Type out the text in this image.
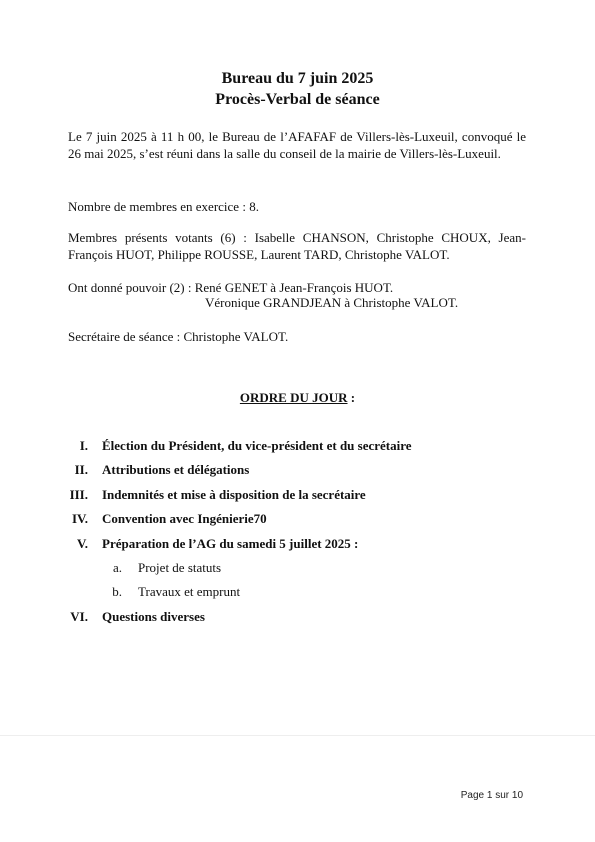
Bureau du 7 juin 2025
Procès-Verbal de séance

Le 7 juin 2025 à 11 h 00, le Bureau de l’AFAFAF de Villers-lès-Luxeuil, convoqué le 26 mai 2025, s’est réuni dans la salle du conseil de la mairie de Villers-lès-Luxeuil.

Nombre de membres en exercice : 8.

Membres présents votants (6) : Isabelle CHANSON, Christophe CHOUX, Jean-François HUOT, Philippe ROUSSE, Laurent TARD, Christophe VALOT.

Ont donné pouvoir (2) : René GENET à Jean-François HUOT.
Véronique GRANDJEAN à Christophe VALOT.

Secrétaire de séance : Christophe VALOT.

ORDRE DU JOUR :

I. Élection du Président, du vice-président et du secrétaire
II. Attributions et délégations
III. Indemnités et mise à disposition de la secrétaire
IV. Convention avec Ingénierie70
V. Préparation de l’AG du samedi 5 juillet 2025 :
a. Projet de statuts
b. Travaux et emprunt
VI. Questions diverses
Page 1 sur 10
